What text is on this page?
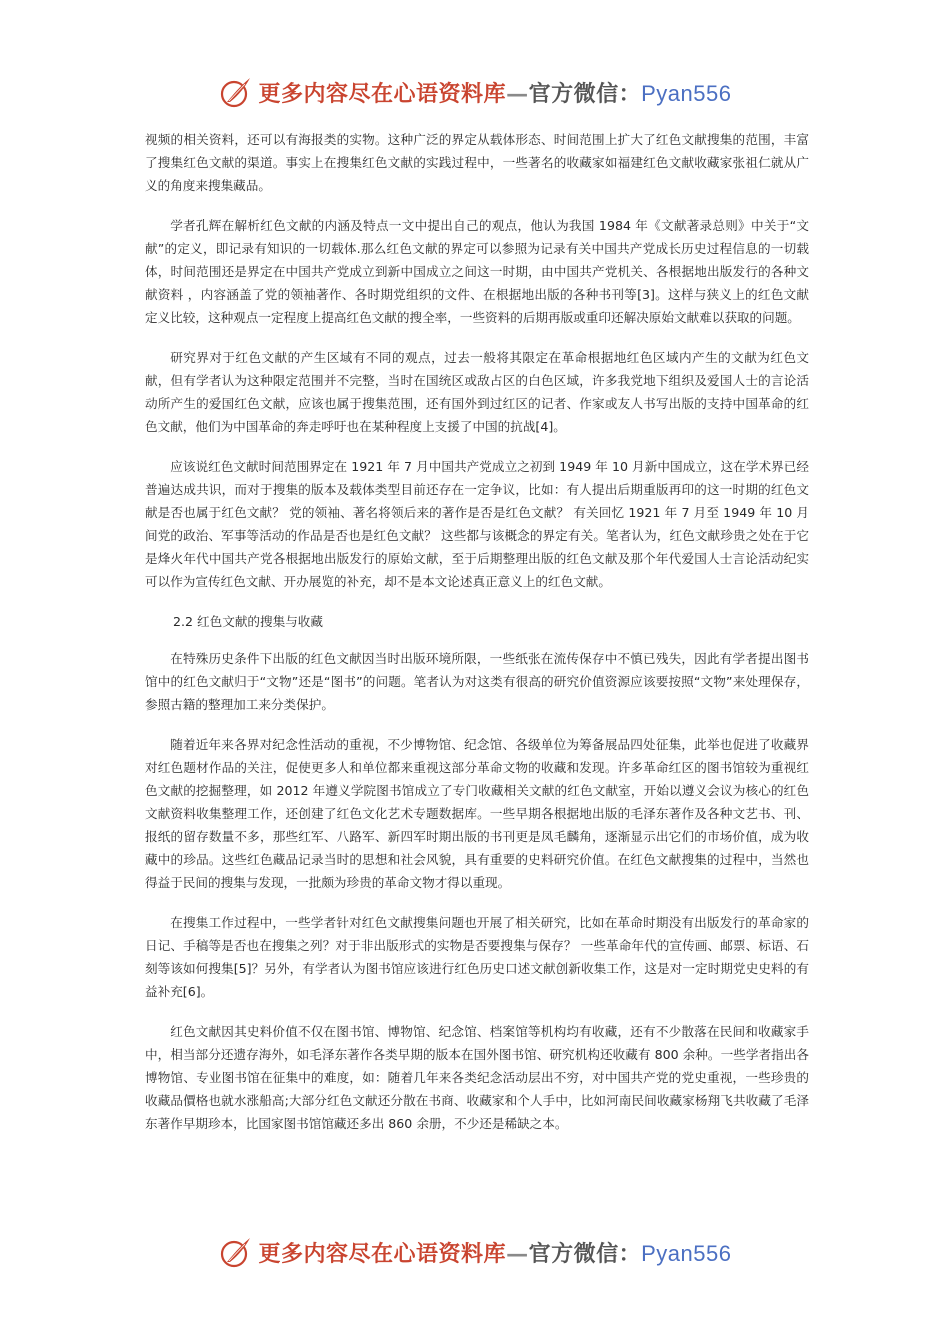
更多内容尽在心语资料库—官方微信：Pyan556

视频的相关资料，还可以有海报类的实物。这种广泛的界定从载体形态、时间范围上扩大了红色文献搜集的范围，丰富了搜集红色文献的渠道。事实上在搜集红色文献的实践过程中，一些著名的收藏家如福建红色文献收藏家张祖仁就从广义的角度来搜集藏品。

学者孔辉在解析红色文献的内涵及特点一文中提出自己的观点，他认为我国 1984 年《文献著录总则》中关于“文献”的定义，即记录有知识的一切载体.那么红色文献的界定可以参照为记录有关中国共产党成长历史过程信息的一切载体，时间范围还是界定在中国共产党成立到新中国成立之间这一时期，由中国共产党机关、各根据地出版发行的各种文献资料 ，内容涵盖了党的领袖著作、各时期党组织的文件、在根据地出版的各种书刊等[3]。这样与狭义上的红色文献定义比较，这种观点一定程度上提高红色文献的搜全率，一些资料的后期再版或重印还解决原始文献难以获取的问题。

研究界对于红色文献的产生区域有不同的观点，过去一般将其限定在革命根据地红色区域内产生的文献为红色文献，但有学者认为这种限定范围并不完整，当时在国统区或敌占区的白色区域，许多我党地下组织及爱国人士的言论活动所产生的爱国红色文献，应该也属于搜集范围，还有国外到过红区的记者、作家或友人书写出版的支持中国革命的红色文献，他们为中国革命的奔走呼吁也在某种程度上支援了中国的抗战[4]。

应该说红色文献时间范围界定在 1921 年 7 月中国共产党成立之初到 1949 年 10 月新中国成立，这在学术界已经普遍达成共识，而对于搜集的版本及载体类型目前还存在一定争议，比如：有人提出后期重版再印的这一时期的红色文献是否也属于红色文献？ 党的领袖、著名将领后来的著作是否是红色文献？ 有关回忆 1921 年 7 月至 1949 年 10 月间党的政治、军事等活动的作品是否也是红色文献？ 这些都与该概念的界定有关。笔者认为，红色文献珍贵之处在于它是烽火年代中国共产党各根据地出版发行的原始文献，至于后期整理出版的红色文献及那个年代爱国人士言论活动纪实可以作为宣传红色文献、开办展览的补充，却不是本文论述真正意义上的红色文献。

2.2 红色文献的搜集与收藏

在特殊历史条件下出版的红色文献因当时出版环境所限，一些纸张在流传保存中不慎已残失，因此有学者提出图书馆中的红色文献归于“文物”还是“图书”的问题。笔者认为对这类有很高的研究价值资源应该要按照“文物”来处理保存，参照古籍的整理加工来分类保护。

随着近年来各界对纪念性活动的重视，不少博物馆、纪念馆、各级单位为筹备展品四处征集，此举也促进了收藏界对红色题材作品的关注，促使更多人和单位都来重视这部分革命文物的收藏和发现。许多革命红区的图书馆较为重视红色文献的挖掘整理，如 2012 年遵义学院图书馆成立了专门收藏相关文献的红色文献室，开始以遵义会议为核心的红色文献资料收集整理工作，还创建了红色文化艺术专题数据库。一些早期各根据地出版的毛泽东著作及各种文艺书、刊、报纸的留存数量不多，那些红军、八路军、新四军时期出版的书刊更是凤毛麟角，逐渐显示出它们的市场价值，成为收藏中的珍品。这些红色藏品记录当时的思想和社会风貌，具有重要的史料研究价值。在红色文献搜集的过程中，当然也得益于民间的搜集与发现，一批颇为珍贵的革命文物才得以重现。

在搜集工作过程中，一些学者针对红色文献搜集问题也开展了相关研究，比如在革命时期没有出版发行的革命家的日记、手稿等是否也在搜集之列？对于非出版形式的实物是否要搜集与保存？ 一些革命年代的宣传画、邮票、标语、石刻等该如何搜集[5]？另外，有学者认为图书馆应该进行红色历史口述文献创新收集工作，这是对一定时期党史史料的有益补充[6]。

红色文献因其史料价值不仅在图书馆、博物馆、纪念馆、档案馆等机构均有收藏，还有不少散落在民间和收藏家手中，相当部分还遗存海外，如毛泽东著作各类早期的版本在国外图书馆、研究机构还收藏有 800 余种。一些学者指出各博物馆、专业图书馆在征集中的难度，如：随着几年来各类纪念活动层出不穷，对中国共产党的党史重视，一些珍贵的收藏品價格也就水涨船高;大部分红色文献还分散在书商、收藏家和个人手中，比如河南民间收藏家杨翔飞共收藏了毛泽东著作早期珍本，比国家图书馆馆藏还多出 860 余册，不少还是稀缺之本。

更多内容尽在心语资料库—官方微信：Pyan556
